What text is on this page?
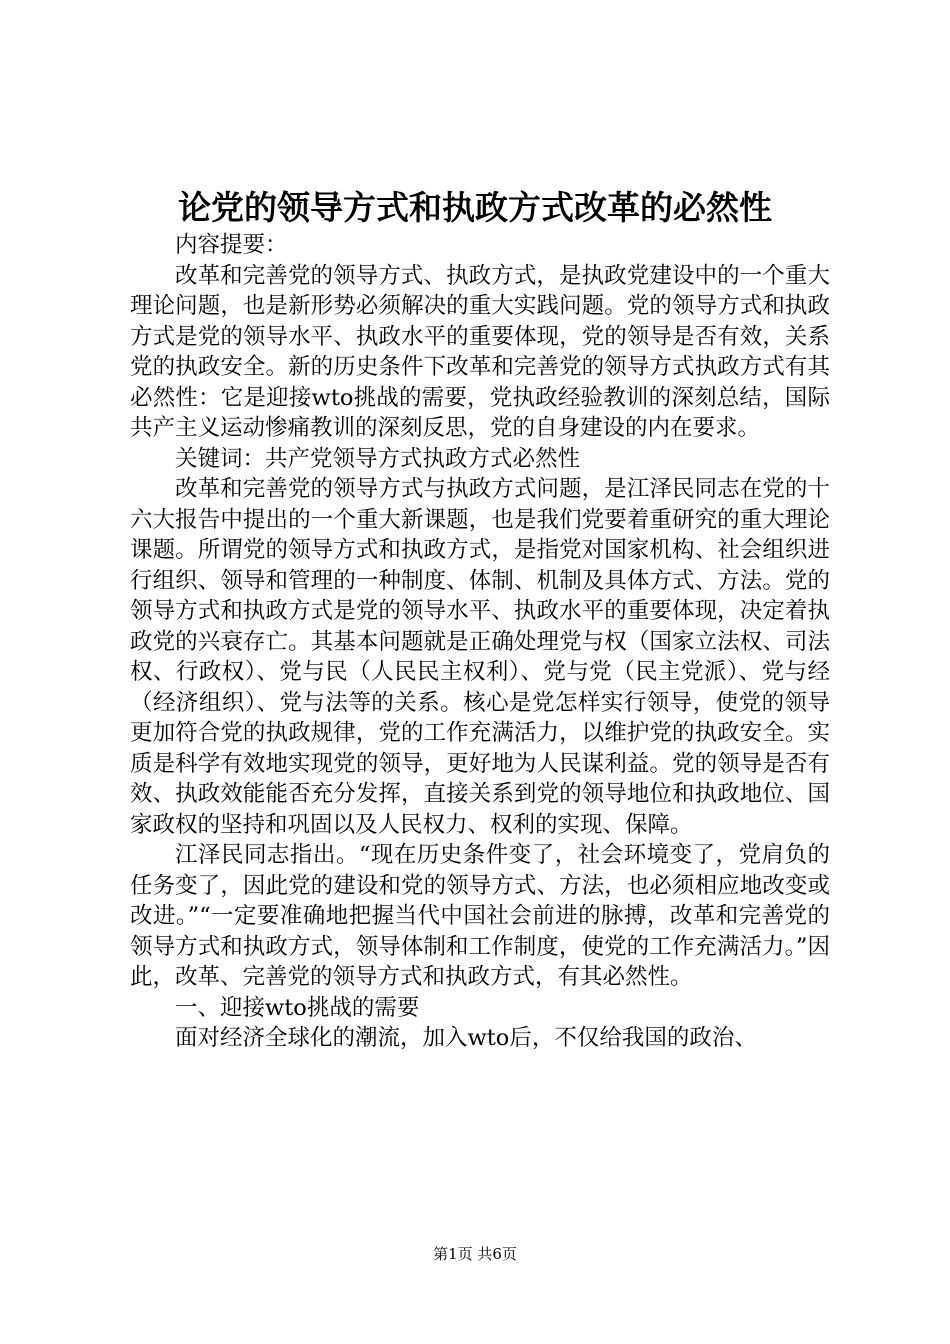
论党的领导方式和执政方式改革的必然性

内容提要：

改革和完善党的领导方式、执政方式，是执政党建设中的一个重大理论问题，也是新形势必须解决的重大实践问题。党的领导方式和执政方式是党的领导水平、执政水平的重要体现，党的领导是否有效，关系党的执政安全。新的历史条件下改革和完善党的领导方式执政方式有其必然性：它是迎接wto挑战的需要，党执政经验教训的深刻总结，国际共产主义运动惨痛教训的深刻反思，党的自身建设的内在要求。

关键词：共产党领导方式执政方式必然性

改革和完善党的领导方式与执政方式问题，是江泽民同志在党的十六大报告中提出的一个重大新课题，也是我们党要着重研究的重大理论课题。所谓党的领导方式和执政方式，是指党对国家机构、社会组织进行组织、领导和管理的一种制度、体制、机制及具体方式、方法。党的领导方式和执政方式是党的领导水平、执政水平的重要体现，决定着执政党的兴衰存亡。其基本问题就是正确处理党与权（国家立法权、司法权、行政权）、党与民（人民民主权利）、党与党（民主党派）、党与经（经济组织）、党与法等的关系。核心是党怎样实行领导，使党的领导更加符合党的执政规律，党的工作充满活力，以维护党的执政安全。实质是科学有效地实现党的领导，更好地为人民谋利益。党的领导是否有效、执政效能能否充分发挥，直接关系到党的领导地位和执政地位、国家政权的坚持和巩固以及人民权力、权利的实现、保障。

江泽民同志指出。“现在历史条件变了，社会环境变了，党肩负的任务变了，因此党的建设和党的领导方式、方法，也必须相应地改变或改进。”“一定要准确地把握当代中国社会前进的脉搏，改革和完善党的领导方式和执政方式，领导体制和工作制度，使党的工作充满活力。”因此，改革、完善党的领导方式和执政方式，有其必然性。

一、迎接wto挑战的需要

面对经济全球化的潮流，加入wto后，不仅给我国的政治、

第1页 共6页
